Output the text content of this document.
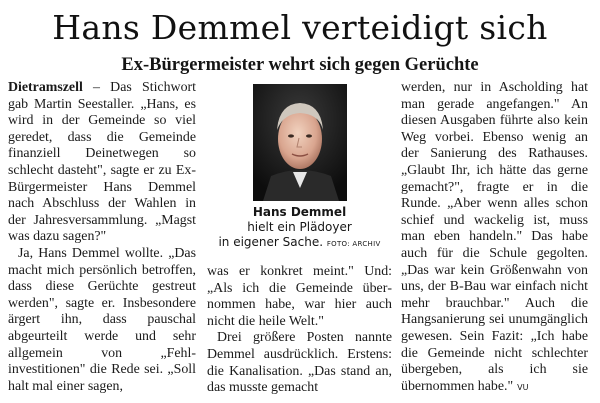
Hans Demmel verteidigt sich
Ex-Bürgermeister wehrt sich gegen Gerüchte

Dietramszell – Das Stichwort gab Martin Seestaller. „Hans, es wird in der Gemeinde so viel geredet, dass die Gemeinde finanziell Deinetwegen so schlecht dasteht", sagte er zu Ex-Bürgermeister Hans Demmel nach Abschluss der Wahlen in der Jahresversammlung. „Magst was dazu sagen?"

Ja, Hans Demmel wollte. „Das macht mich persönlich betroffen, dass diese Gerüchte gestreut werden", sagte er. Insbesondere ärgert ihn, dass pauschal abgeurteilt werde und sehr allgemein von „Fehlinvestitionen" die Rede sei. „Soll halt mal einer sagen,

Hans Demmel
hielt ein Plädoyer
in eigener Sache. FOTO: ARCHIV

was er konkret meint." Und: „Als ich die Gemeinde übernommen habe, war hier auch nicht die heile Welt."

Drei größere Posten nannte Demmel ausdrücklich. Erstens: die Kanalisation. „Das stand an, das musste gemacht

werden, nur in Ascholding hat man gerade angefangen." An diesen Ausgaben führte also kein Weg vorbei. Ebenso wenig an der Sanierung des Rathauses. „Glaubt Ihr, ich hätte das gerne gemacht?", fragte er in die Runde. „Aber wenn alles schon schief und wackelig ist, muss man eben handeln." Das habe auch für die Schule gegolten. „Das war kein Größenwahn von uns, der B-Bau war einfach nicht mehr brauchbar." Auch die Hangsanierung sei unumgänglich gewesen. Sein Fazit: „Ich habe die Gemeinde nicht schlechter übergeben, als ich sie übernommen habe." VU
